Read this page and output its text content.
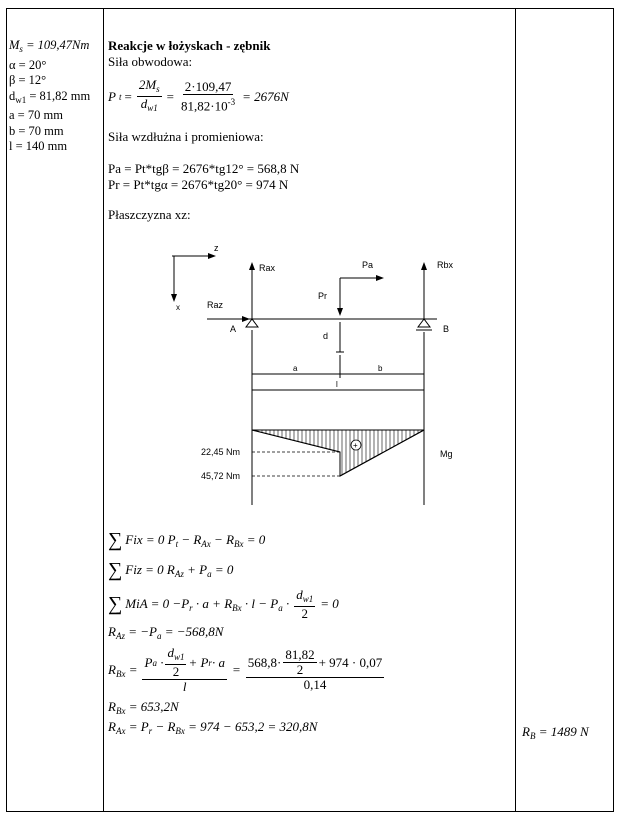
$M_s = 109,47Nm$
α = 20°
β = 12°
$d_{w1} = 81,82$ mm
a = 70 mm
b = 70 mm
l = 140 mm
Reakcje w łożyskach - zębnik
Siła obwodowa:
P $t = \frac{2M_s}{d_{w1}} = \frac{2\cdot 109,47}{81,82\cdot 10^{-3}} = 2676N$
Siła wzdłużna i promieniowa:
Pa = Pt*tgβ = 2676*tg12° = 568,8 N
Pr = Pt*tgα = 2676*tg20° = 974 N
Płaszczyzna xz:
z
x	Raz
A
Rax	Pa
Pr
d
B
Rbx
a	b
l
+
22,45 Nm
45,72 Nm
Mg
∑ Fix = 0 $P_t - R_{Ax} - R_{Bx} = 0$
∑ Fiz = 0 $R_{Az} + P_a = 0$
∑ MiA = $0 -P_r \cdot a + R_{Bx} \cdot l - P_a \cdot \frac{d_{w1}}{2} = 0$
$R_{Az} = -P_a = -568,8N$
$R_{Bx} = \frac{P a \cdot \frac{d_{w1}}{2} + P r \cdot a}{l} = \frac{568,8\cdot \frac{81,82}{2} + 974 \cdot 0,07}{0,14}$
$R_{Bx} = 653,2N$
$R_{Ax} = P_r - R_{Bx} = 974 - 653,2 = 320,8N$	$R_B = 1489$ N
